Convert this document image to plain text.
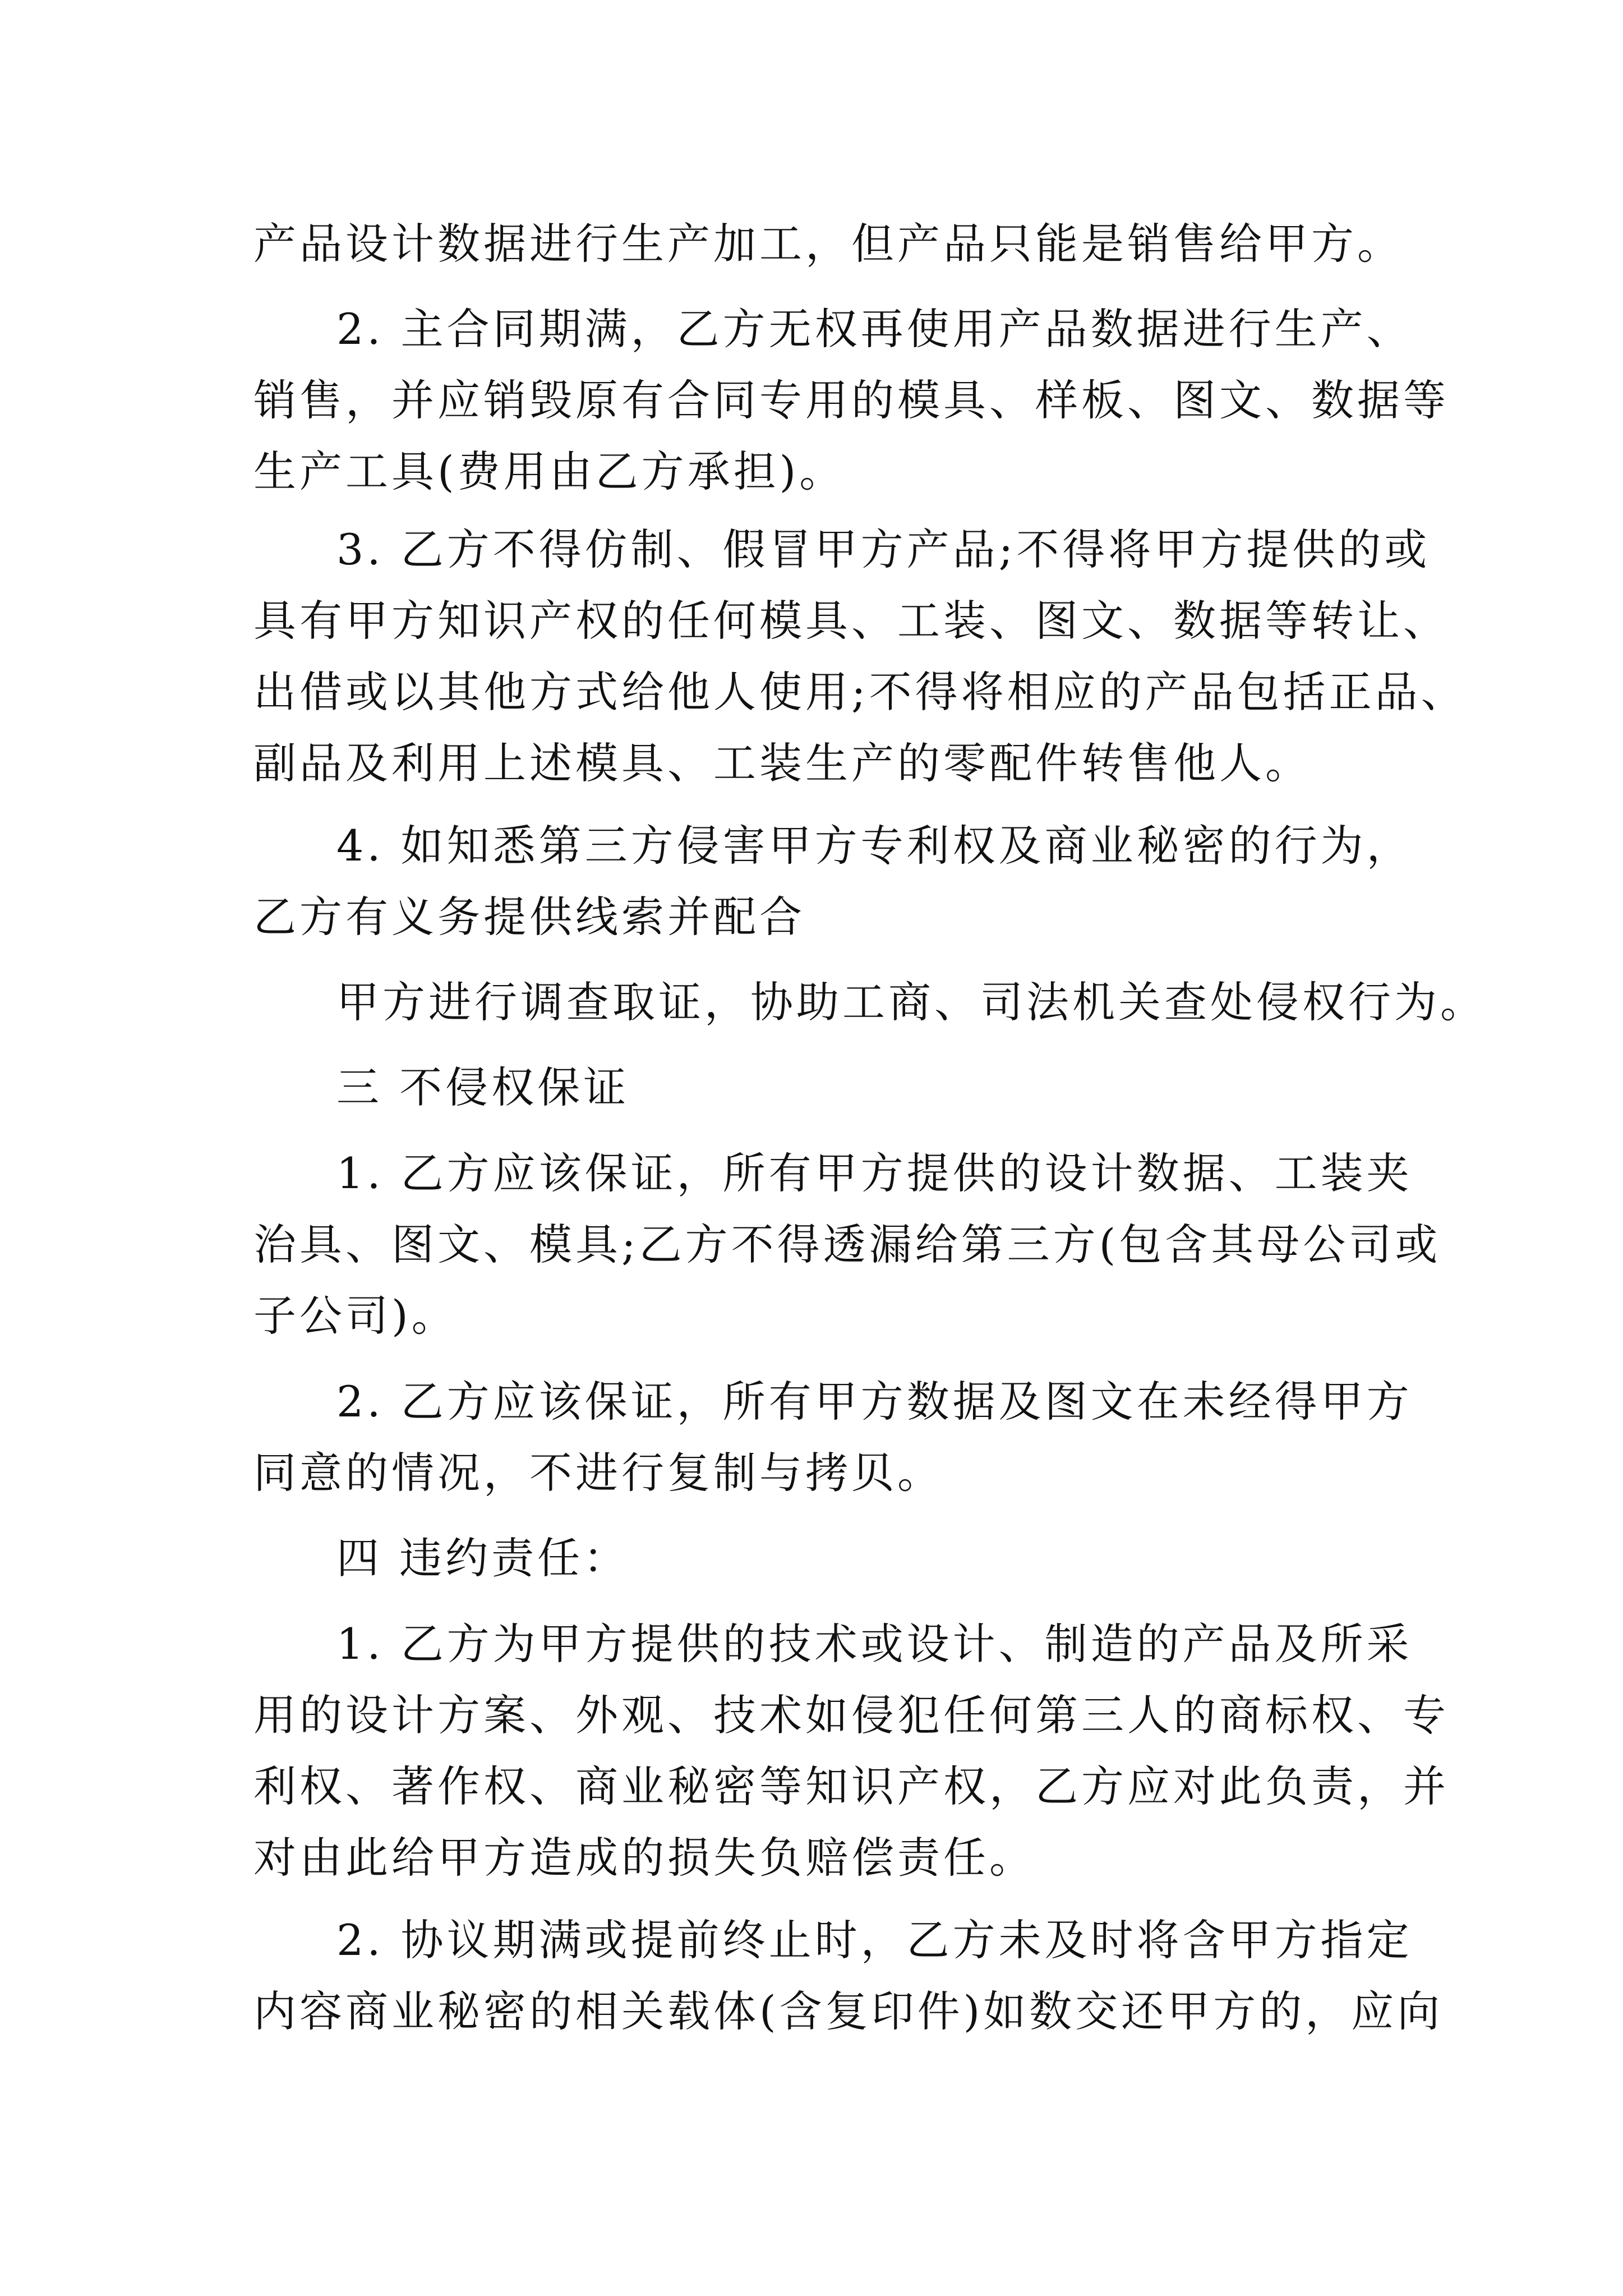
产品设计数据进行生产加工，但产品只能是销售给甲方。
2. 主合同期满，乙方无权再使用产品数据进行生产、
销售，并应销毁原有合同专用的模具、样板、图文、数据等
生产工具(费用由乙方承担)。
3. 乙方不得仿制、假冒甲方产品;不得将甲方提供的或
具有甲方知识产权的任何模具、工装、图文、数据等转让、
出借或以其他方式给他人使用;不得将相应的产品包括正品、
副品及利用上述模具、工装生产的零配件转售他人。
4. 如知悉第三方侵害甲方专利权及商业秘密的行为，
乙方有义务提供线索并配合
甲方进行调查取证，协助工商、司法机关查处侵权行为。
三 不侵权保证
1. 乙方应该保证，所有甲方提供的设计数据、工装夹
治具、图文、模具;乙方不得透漏给第三方(包含其母公司或
子公司)。
2. 乙方应该保证，所有甲方数据及图文在未经得甲方
同意的情况，不进行复制与拷贝。
四 违约责任：
1. 乙方为甲方提供的技术或设计、制造的产品及所采
用的设计方案、外观、技术如侵犯任何第三人的商标权、专
利权、著作权、商业秘密等知识产权，乙方应对此负责，并
对由此给甲方造成的损失负赔偿责任。
2. 协议期满或提前终止时，乙方未及时将含甲方指定
内容商业秘密的相关载体(含复印件)如数交还甲方的，应向
